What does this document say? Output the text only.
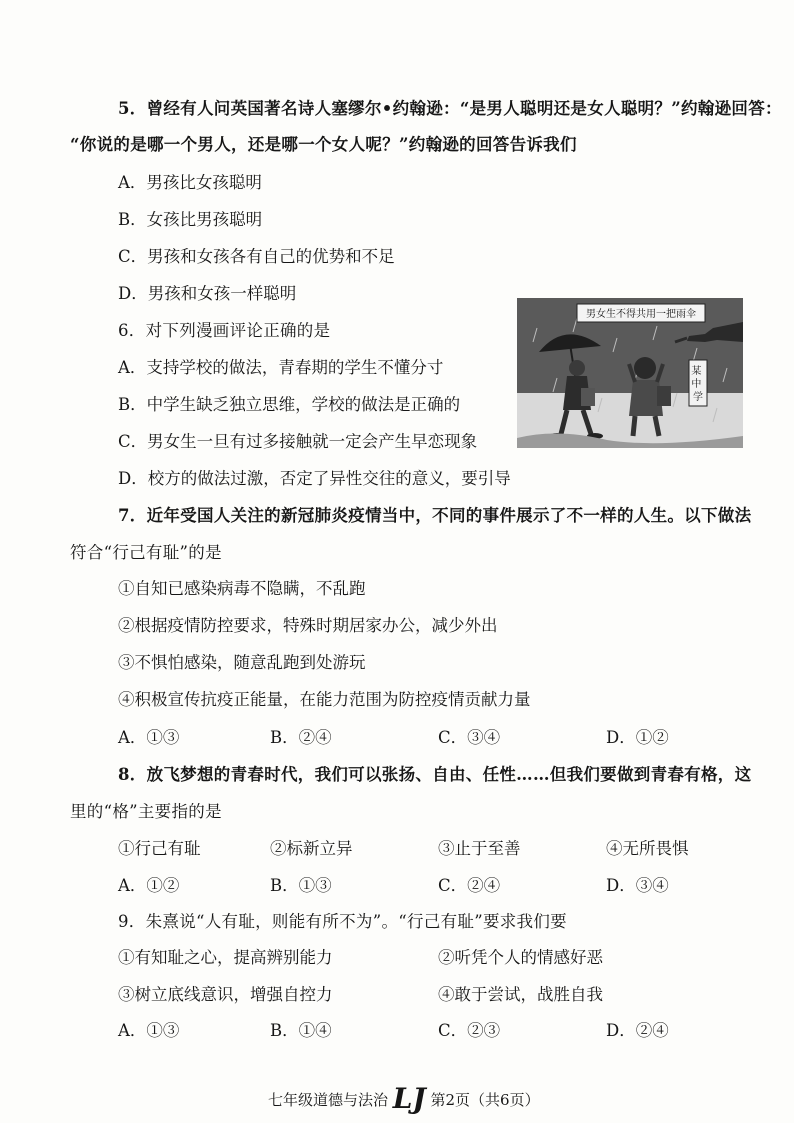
5．曾经有人问英国著名诗人塞缪尔•约翰逊：“是男人聪明还是女人聪明？”约翰逊回答：
“你说的是哪一个男人，还是哪一个女人呢？”约翰逊的回答告诉我们
A．男孩比女孩聪明
B．女孩比男孩聪明
C．男孩和女孩各有自己的优势和不足
D．男孩和女孩一样聪明
6．对下列漫画评论正确的是
A．支持学校的做法，青春期的学生不懂分寸
B．中学生缺乏独立思维，学校的做法是正确的
C．男女生一旦有过多接触就一定会产生早恋现象
D．校方的做法过激，否定了异性交往的意义，要引导
男女生不得共用一把雨伞
某 中 学
7．近年受国人关注的新冠肺炎疫情当中，不同的事件展示了不一样的人生。以下做法
符合“行己有耻”的是
①自知已感染病毒不隐瞒，不乱跑
②根据疫情防控要求，特殊时期居家办公，减少外出
③不惧怕感染，随意乱跑到处游玩
④积极宣传抗疫正能量，在能力范围为防控疫情贡献力量
A．①③	B．②④	C．③④	D．①②
8．放飞梦想的青春时代，我们可以张扬、自由、任性……但我们要做到青春有格，这
里的“格”主要指的是
①行己有耻	②标新立异	③止于至善	④无所畏惧
A．①②	B．①③	C．②④	D．③④
9．朱熹说“人有耻，则能有所不为”。“行己有耻”要求我们要
①有知耻之心，提高辨别能力	②听凭个人的情感好恶
③树立底线意识，增强自控力	④敢于尝试，战胜自我
A．①③	B．①④	C．②③	D．②④
七年级道德与法治 LJ 第2页（共6页）
